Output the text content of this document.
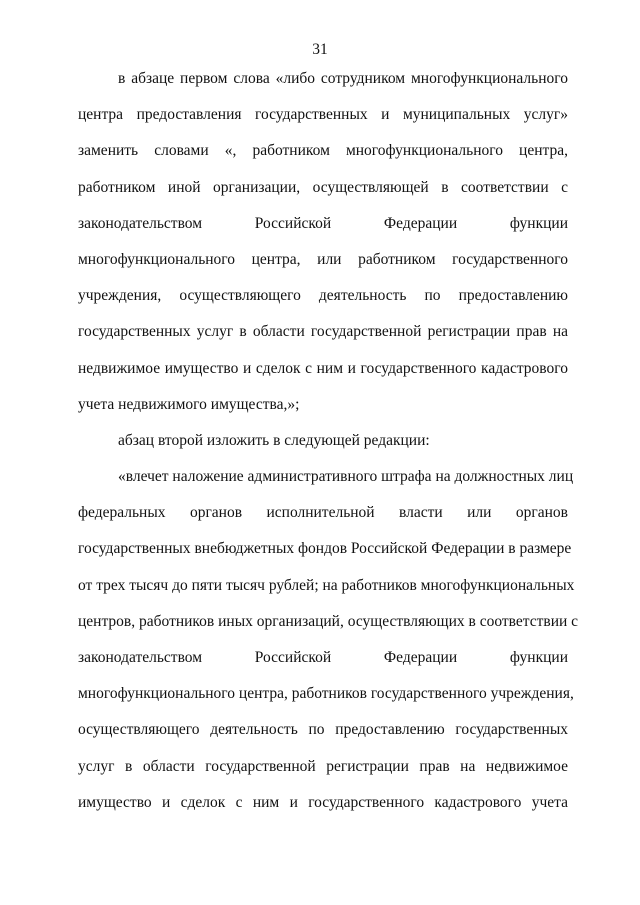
31
в абзаце первом слова «либо сотрудником многофункционального
центра предоставления государственных и муниципальных услуг»
заменить словами «, работником многофункционального центра,
работником иной организации, осуществляющей в соответствии с
законодательством Российской Федерации функции
многофункционального центра, или работником государственного
учреждения, осуществляющего деятельность по предоставлению
государственных услуг в области государственной регистрации прав на
недвижимое имущество и сделок с ним и государственного кадастрового
учета недвижимого имущества,»;
абзац второй изложить в следующей редакции:
«влечет наложение административного штрафа на должностных лиц
федеральных органов исполнительной власти или органов
государственных внебюджетных фондов Российской Федерации в размере
от трех тысяч до пяти тысяч рублей; на работников многофункциональных
центров, работников иных организаций, осуществляющих в соответствии с
законодательством Российской Федерации функции
многофункционального центра, работников государственного учреждения,
осуществляющего деятельность по предоставлению государственных
услуг в области государственной регистрации прав на недвижимое
имущество и сделок с ним и государственного кадастрового учета
